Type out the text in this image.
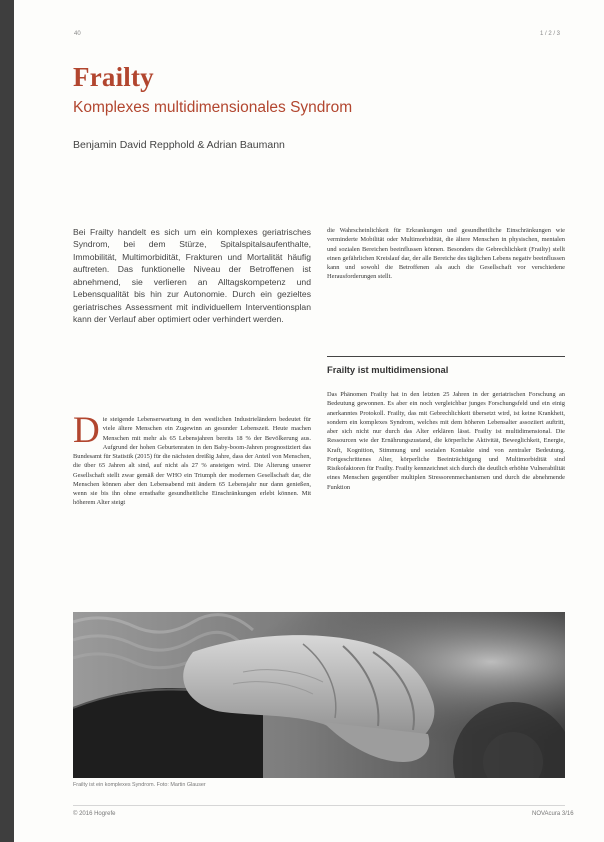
40	1 / 2 / 3
Frailty
Komplexes multidimensionales Syndrom
Benjamin David Repphold & Adrian Baumann

Bei Frailty handelt es sich um ein komplexes geriatrisches Syndrom, bei dem Stürze, Spitalspitalsaufenthalte, Immobilität, Multimorbidität, Frakturen und Mortalität häufig auftreten. Das funktionelle Niveau der Betroffenen ist abnehmend, sie verlieren an Alltagskompetenz und Lebensqualität bis hin zur Autonomie. Durch ein gezieltes geriatrisches Assessment mit individuellem Interventionsplan kann der Verlauf aber optimiert oder verhindert werden.

Die steigende Lebenserwartung in den westlichen Industrieländern bedeutet für viele ältere Menschen ein Zugewinn an gesunder Lebenszeit. Heute machen Menschen mit mehr als 65 Lebensjahren bereits 18 % der Bevölkerung aus. Aufgrund der hohen Geburtenraten in den Baby-boom-Jahren prognostiziert das Bundesamt für Statistik (2015) für die nächsten dreißig Jahre, dass der Anteil von Menschen, die über 65 Jahren alt sind, auf nicht als 27 % ansteigen wird. Die Alterung unserer Gesellschaft stellt zwar gemäß der WHO ein Triumph der modernen Gesellschaft dar, die Menschen können aber den Lebensabend mit ändern 65 Lebensjahr nur dann genießen, wenn sie bis ihn ohne ernsthafte gesundheitliche Einschränkungen erlebt können. Mit höherem Alter steigt

die Wahrscheinlichkeit für Erkrankungen und gesundheitliche Einschränkungen wie verminderte Mobilität oder Multimorbidität, die ältere Menschen in physischen, mentalen und sozialen Bereichen beeinflussen können. Besonders die Gebrechlichkeit (Frailty) stellt einen gefährlichen Kreislauf dar, der alle Bereiche des täglichen Lebens negativ beeinflussen kann und sowohl die Betroffenen als auch die Gesellschaft vor verschiedene Herausforderungen stellt.

Frailty ist multidimensional

Das Phänomen Frailty hat in den letzten 25 Jahren in der geriatrischen Forschung an Bedeutung gewonnen. Es aber ein noch vergleichbar junges Forschungsfeld und ein einig anerkanntes Protokoll. Frailty, das mit Gebrechlichkeit übersetzt wird, ist keine Krankheit, sondern ein komplexes Syndrom, welches mit dem höheren Lebensalter assoziiert auftritt, aber sich nicht nur durch das Alter erklären lässt. Frailty ist multidimensional. Die Ressourcen wie der Ernährungszustand, die körperliche Aktivität, Beweglichkeit, Energie, Kraft, Kognition, Stimmung und sozialen Kontakte sind von zentraler Bedeutung. Fortgeschrittenes Alter, körperliche Beeinträchtigung und Multimorbidität sind Risikofaktoren für Frailty. Frailty kennzeichnet sich durch die deutlich erhöhte Vulnerabilität eines Menschen gegenüber multiplen Stressorenmechanismen und durch die abnehmende Funktion

Frailty ist ein komplexes Syndrom. Foto: Martin Glauser
© 2016 Hogrefe	NOVAcura 3/16
